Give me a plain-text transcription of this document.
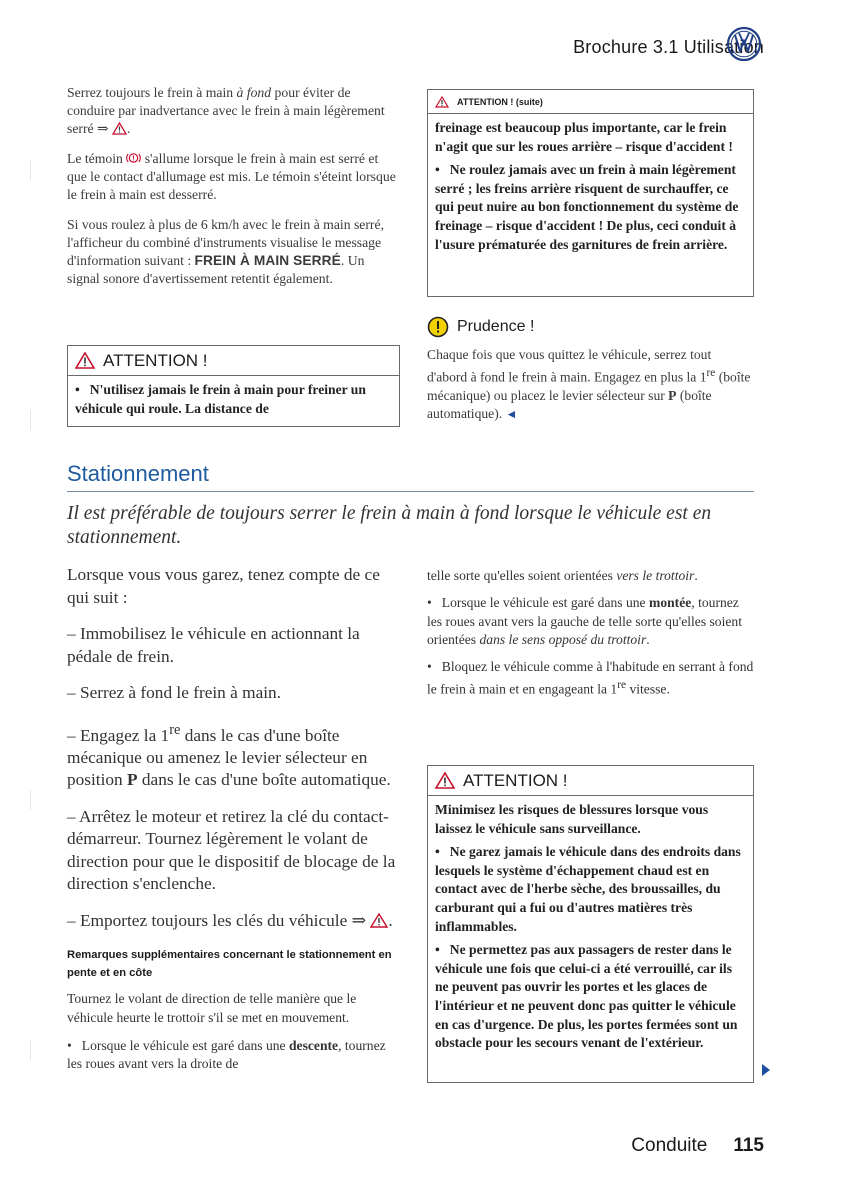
Brochure 3.1 Utilisation

Serrez toujours le frein à main à fond pour éviter de conduire par inadvertance avec le frein à main légèrement serré ⇒ .

Le témoin  s'allume lorsque le frein à main est serré et que le contact d'allumage est mis. Le témoin s'éteint lorsque le frein à main est desserré.

Si vous roulez à plus de 6 km/h avec le frein à main serré, l'afficheur du combiné d'instruments visualise le message d'information suivant : FREIN À MAIN SERRÉ. Un signal sonore d'avertissement retentit également.

ATTENTION !

• N'utilisez jamais le frein à main pour freiner un véhicule qui roule. La distance de

ATTENTION ! (suite)

freinage est beaucoup plus importante, car le frein n'agit que sur les roues arrière – risque d'accident !

• Ne roulez jamais avec un frein à main légèrement serré ; les freins arrière risquent de surchauffer, ce qui peut nuire au bon fonctionnement du système de freinage – risque d'accident ! De plus, ceci conduit à l'usure prématurée des garnitures de frein arrière.

Prudence !

Chaque fois que vous quittez le véhicule, serrez tout d'abord à fond le frein à main. Engagez en plus la 1re (boîte mécanique) ou placez le levier sélecteur sur P (boîte automatique). ◄

Stationnement
Il est préférable de toujours serrer le frein à main à fond lorsque le véhicule est en stationnement.

Lorsque vous vous garez, tenez compte de ce qui suit :

– Immobilisez le véhicule en actionnant la pédale de frein.

– Serrez à fond le frein à main.

– Engagez la 1re dans le cas d'une boîte mécanique ou amenez le levier sélecteur en position P dans le cas d'une boîte automatique.

– Arrêtez le moteur et retirez la clé du contact-démarreur. Tournez légèrement le volant de direction pour que le dispositif de blocage de la direction s'enclenche.

– Emportez toujours les clés du véhicule ⇒ .

Remarques supplémentaires concernant le stationnement en pente et en côte

Tournez le volant de direction de telle manière que le véhicule heurte le trottoir s'il se met en mouvement.

• Lorsque le véhicule est garé dans une descente, tournez les roues avant vers la droite de

telle sorte qu'elles soient orientées vers le trottoir.

• Lorsque le véhicule est garé dans une montée, tournez les roues avant vers la gauche de telle sorte qu'elles soient orientées dans le sens opposé du trottoir.

• Bloquez le véhicule comme à l'habitude en serrant à fond le frein à main et en engageant la 1re vitesse.

ATTENTION !

Minimisez les risques de blessures lorsque vous laissez le véhicule sans surveillance.

• Ne garez jamais le véhicule dans des endroits dans lesquels le système d'échappement chaud est en contact avec de l'herbe sèche, des broussailles, du carburant qui a fui ou d'autres matières très inflammables.

• Ne permettez pas aux passagers de rester dans le véhicule une fois que celui-ci a été verrouillé, car ils ne peuvent pas ouvrir les portes et les glaces de l'intérieur et ne peuvent donc pas quitter le véhicule en cas d'urgence. De plus, les portes fermées sont un obstacle pour les secours venant de l'extérieur.

Conduite 115
